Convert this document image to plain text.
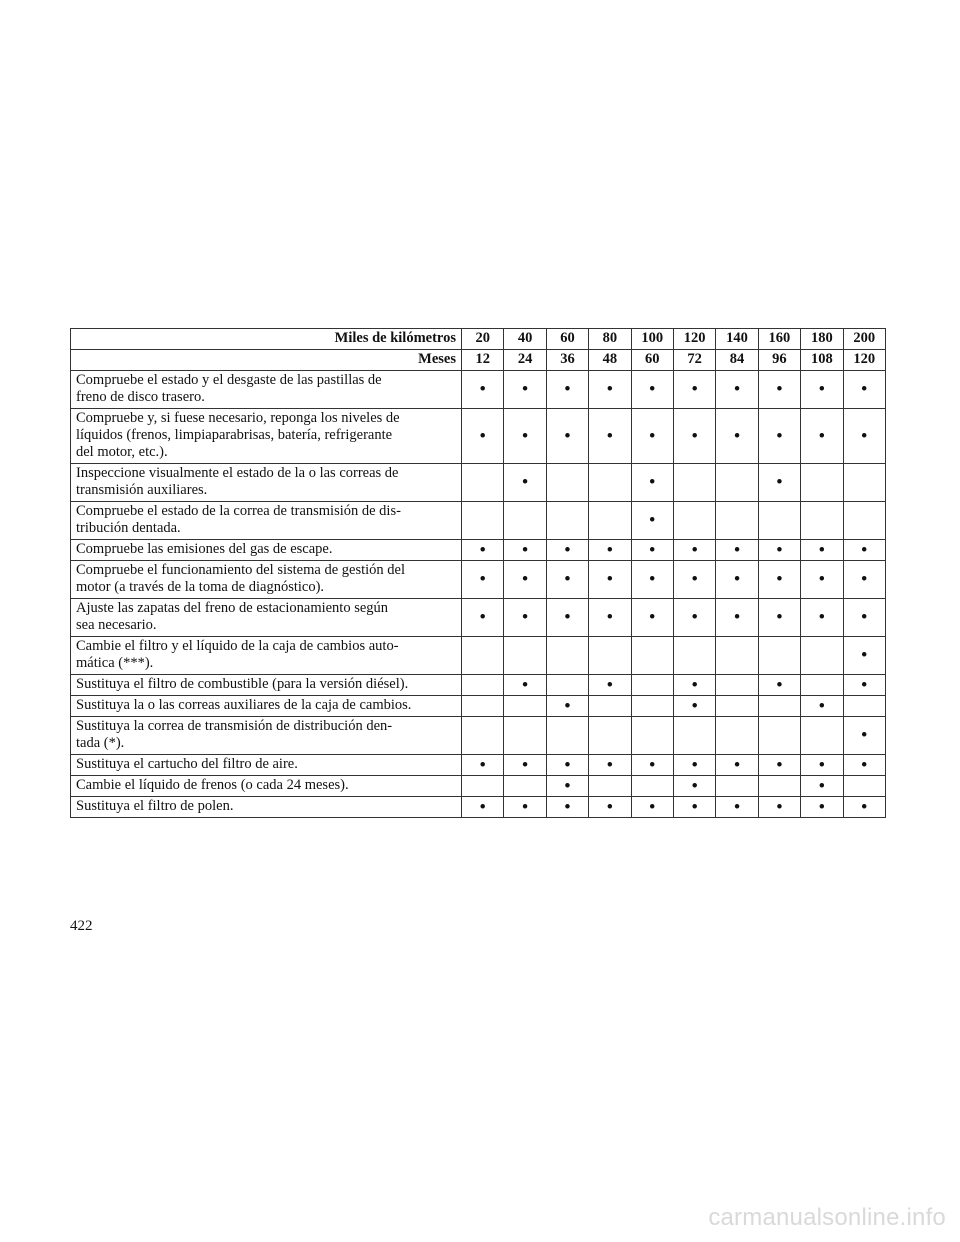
Miles de kilómetros	20	40	60	80	100	120	140	160	180	200
Meses	12	24	36	48	60	72	84	96	108	120
Compruebe el estado y el desgaste de las pastillas de
freno de disco trasero.	•	•	•	•	•	•	•	•	•	•
Compruebe y, si fuese necesario, reponga los niveles de
líquidos (frenos, limpiaparabrisas, batería, refrigerante
del motor, etc.).	•	•	•	•	•	•	•	•	•	•
Inspeccione visualmente el estado de la o las correas de
transmisión auxiliares.		•			•			•		
Compruebe el estado de la correa de transmisión de dis-
tribución dentada.					•					
Compruebe las emisiones del gas de escape.	•	•	•	•	•	•	•	•	•	•
Compruebe el funcionamiento del sistema de gestión del
motor (a través de la toma de diagnóstico).	•	•	•	•	•	•	•	•	•	•
Ajuste las zapatas del freno de estacionamiento según
sea necesario.	•	•	•	•	•	•	•	•	•	•
Cambie el filtro y el líquido de la caja de cambios auto-
mática (***).										•
Sustituya el filtro de combustible (para la versión diésel).		•		•		•		•		•
Sustituya la o las correas auxiliares de la caja de cambios.			•			•			•	
Sustituya la correa de transmisión de distribución den-
tada (*).										•
Sustituya el cartucho del filtro de aire.	•	•	•	•	•	•	•	•	•	•
Cambie el líquido de frenos (o cada 24 meses).			•			•			•	
Sustituya el filtro de polen.	•	•	•	•	•	•	•	•	•	•
422
carmanualsonline.info
